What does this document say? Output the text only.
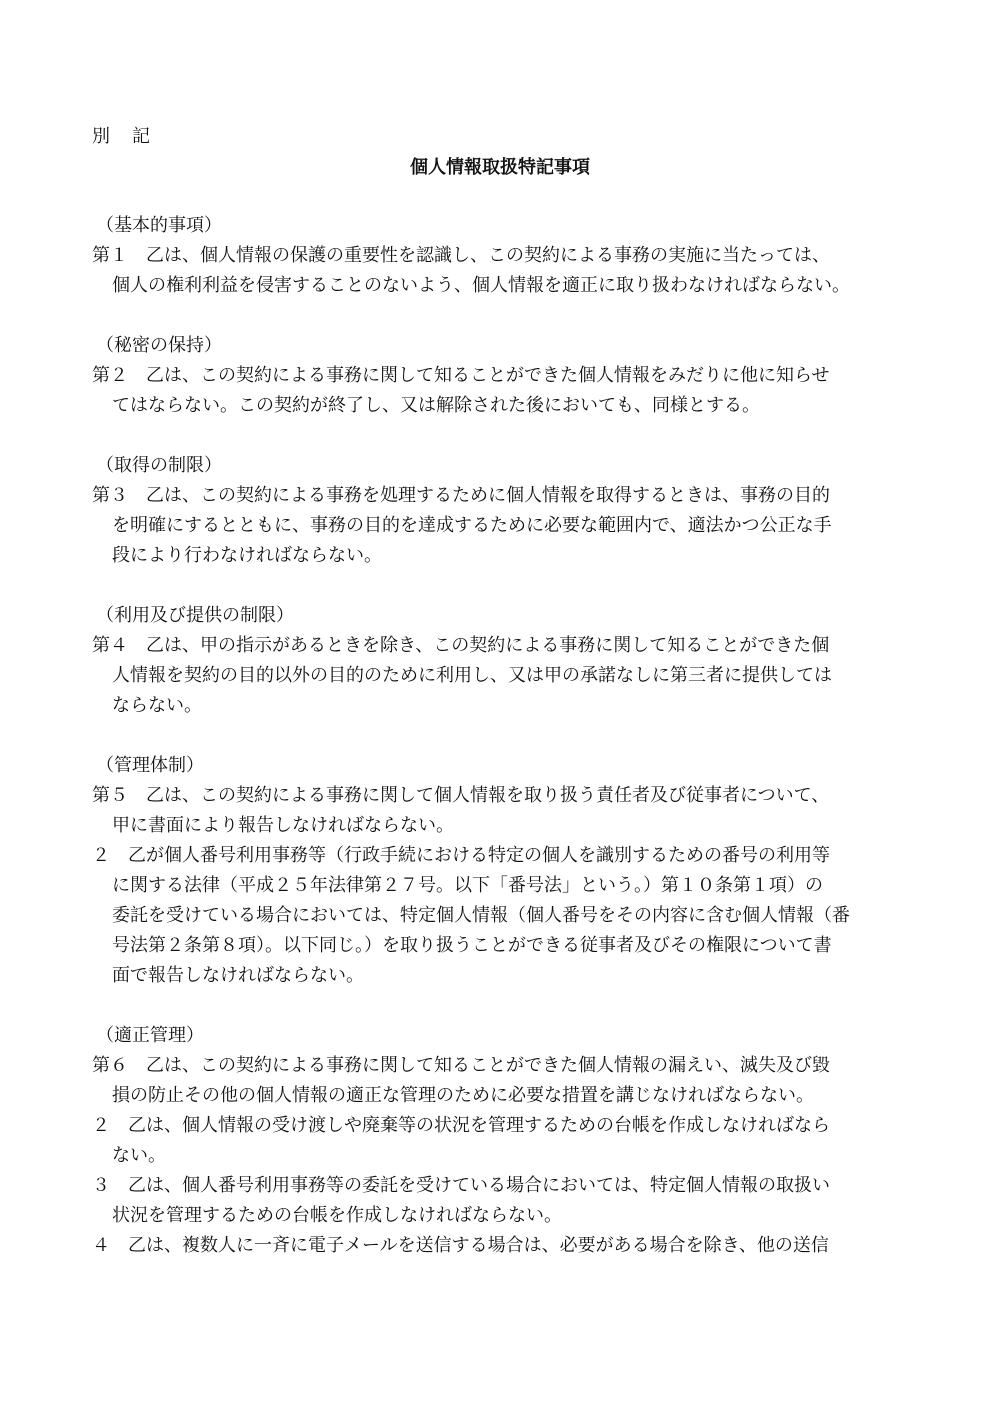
別　記
個人情報取扱特記事項
（基本的事項）
第１　乙は、個人情報の保護の重要性を認識し、この契約による事務の実施に当たっては、
個人の権利利益を侵害することのないよう、個人情報を適正に取り扱わなければならない。
（秘密の保持）
第２　乙は、この契約による事務に関して知ることができた個人情報をみだりに他に知らせ
てはならない。この契約が終了し、又は解除された後においても、同様とする。
（取得の制限）
第３　乙は、この契約による事務を処理するために個人情報を取得するときは、事務の目的
を明確にするとともに、事務の目的を達成するために必要な範囲内で、適法かつ公正な手
段により行わなければならない。
（利用及び提供の制限）
第４　乙は、甲の指示があるときを除き、この契約による事務に関して知ることができた個
人情報を契約の目的以外の目的のために利用し、又は甲の承諾なしに第三者に提供しては
ならない。
（管理体制）
第５　乙は、この契約による事務に関して個人情報を取り扱う責任者及び従事者について、
甲に書面により報告しなければならない。
２　乙が個人番号利用事務等（行政手続における特定の個人を識別するための番号の利用等
に関する法律（平成２５年法律第２７号。以下「番号法」という。）第１０条第１項）の
委託を受けている場合においては、特定個人情報（個人番号をその内容に含む個人情報（番
号法第２条第８項）。以下同じ。）を取り扱うことができる従事者及びその権限について書
面で報告しなければならない。
（適正管理）
第６　乙は、この契約による事務に関して知ることができた個人情報の漏えい、滅失及び毀
損の防止その他の個人情報の適正な管理のために必要な措置を講じなければならない。
２　乙は、個人情報の受け渡しや廃棄等の状況を管理するための台帳を作成しなければなら
ない。
３　乙は、個人番号利用事務等の委託を受けている場合においては、特定個人情報の取扱い
状況を管理するための台帳を作成しなければならない。
４　乙は、複数人に一斉に電子メールを送信する場合は、必要がある場合を除き、他の送信
